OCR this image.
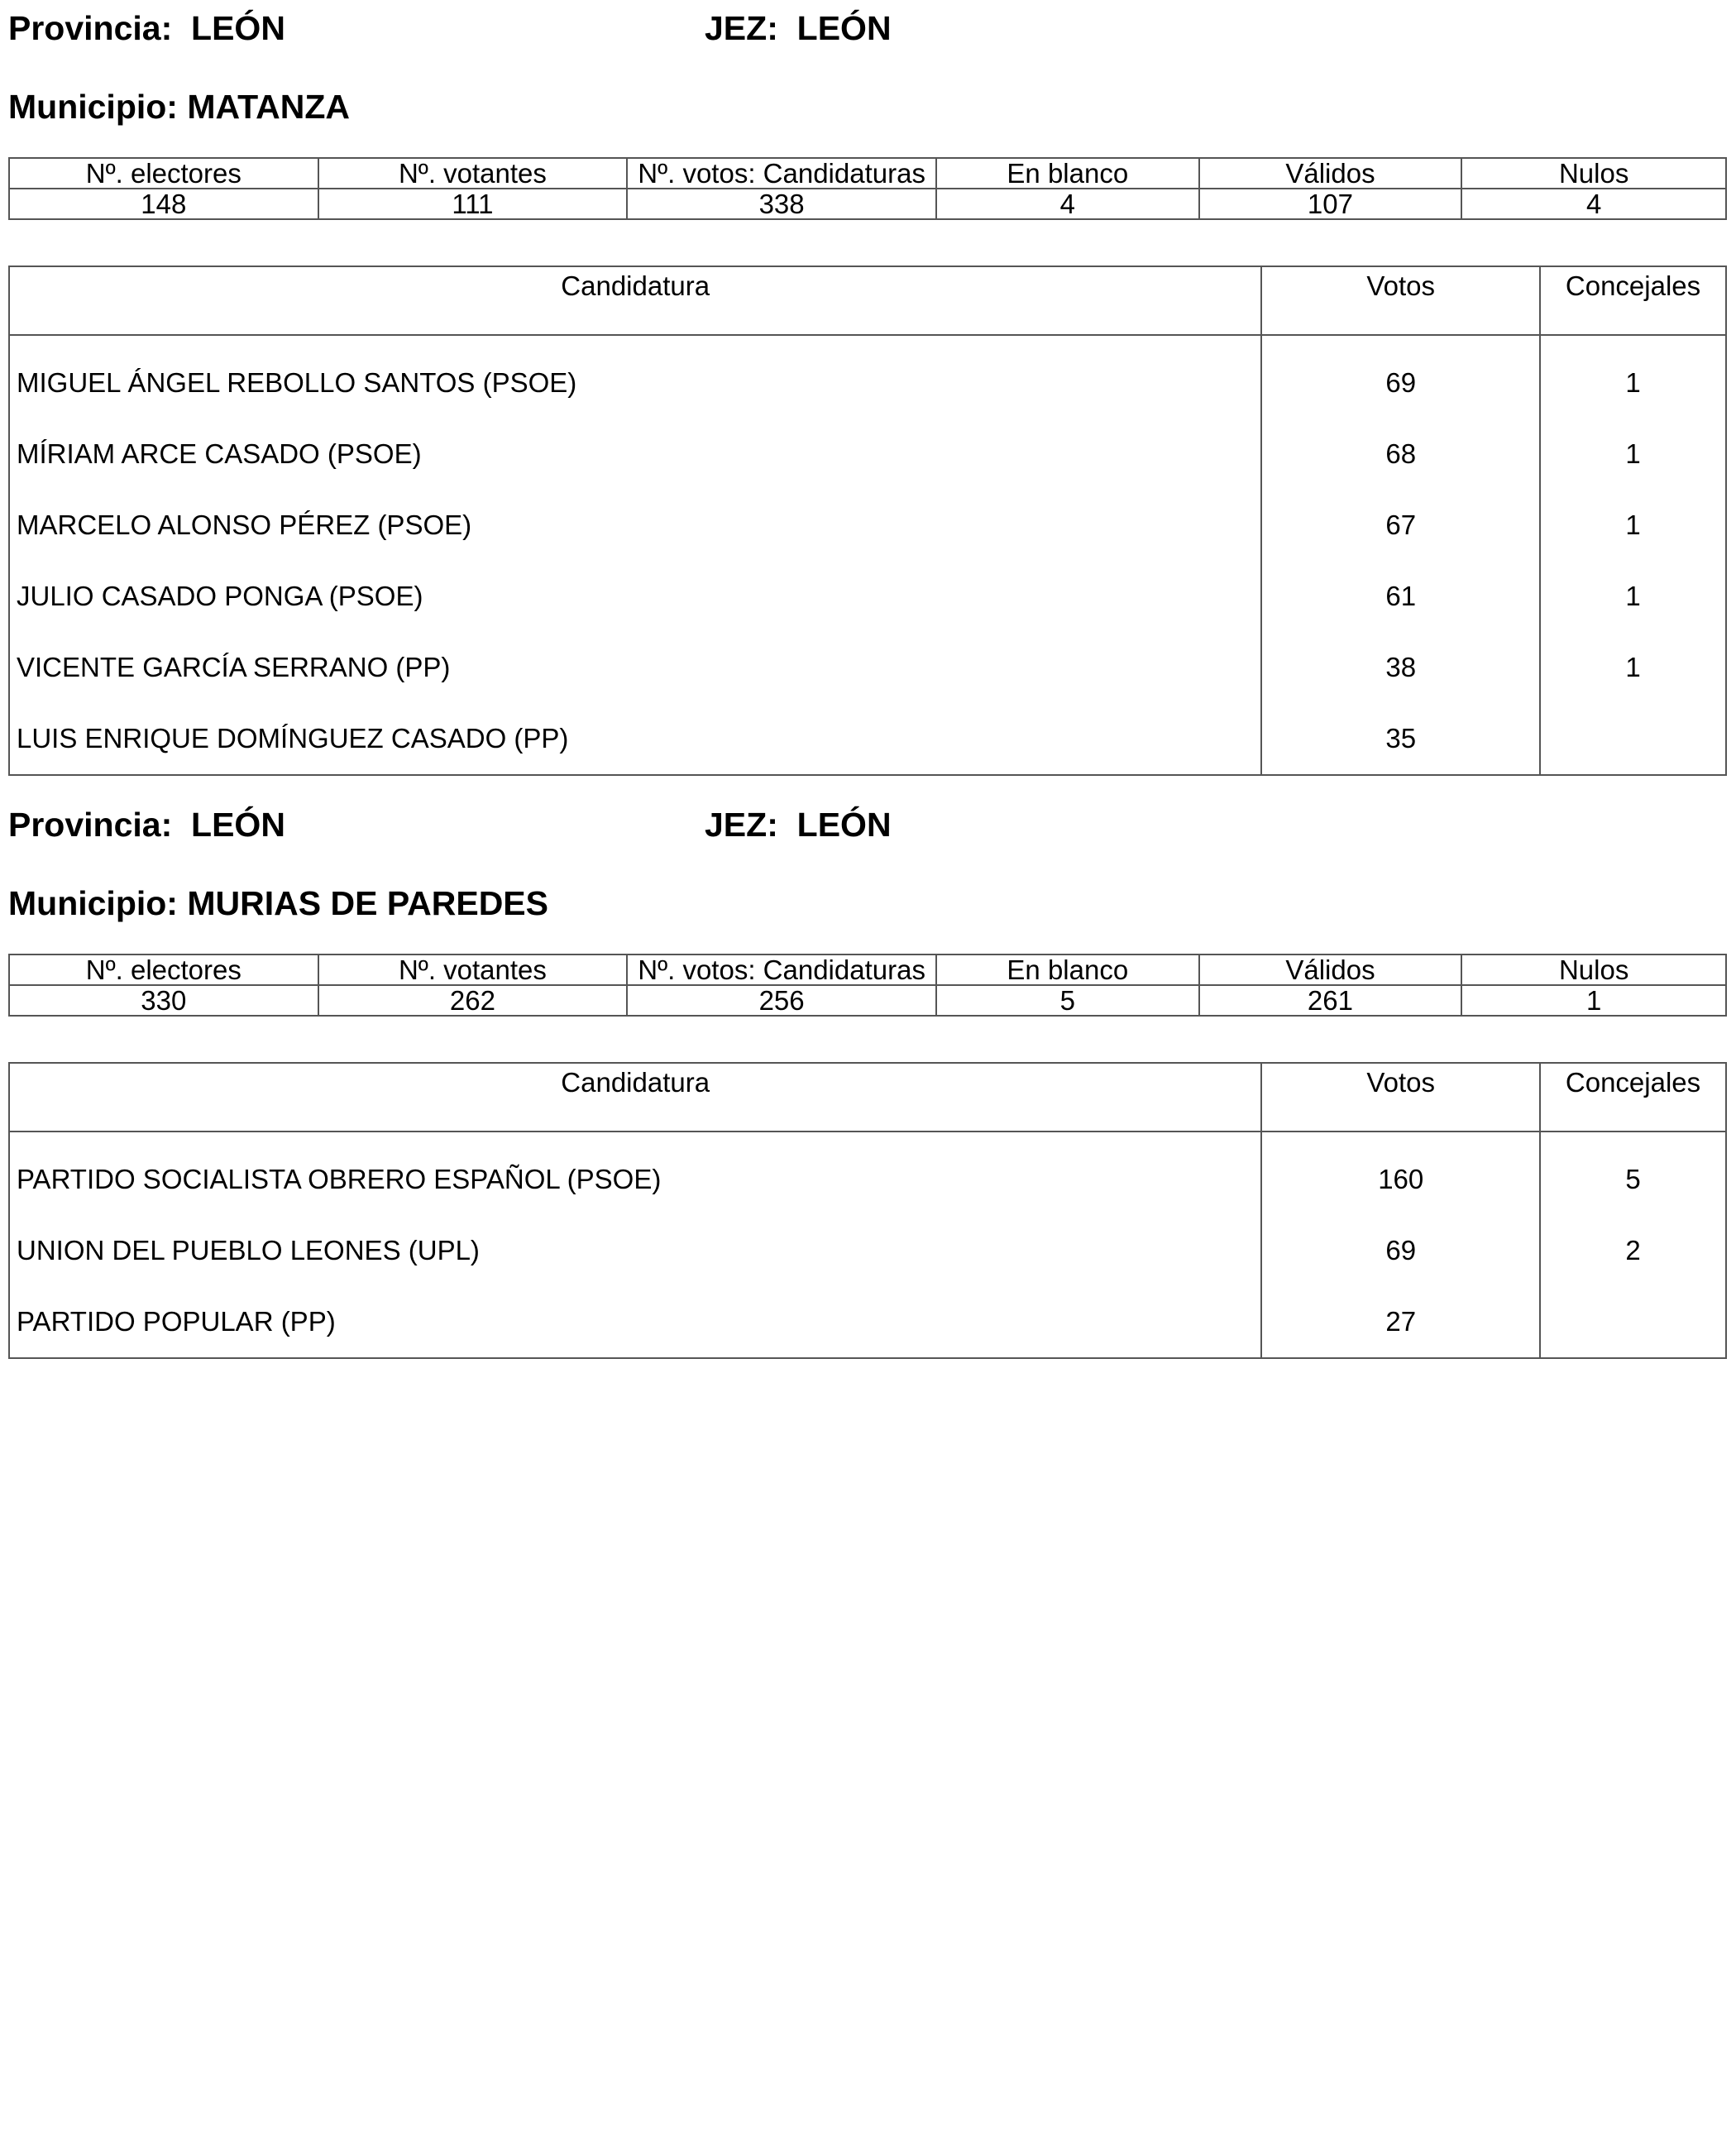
Provincia: LEÓN	JEZ: LEÓN
Municipio: MATANZA
Nº. electores	Nº. votantes	Nº. votos: Candidaturas	En blanco	Válidos	Nulos
148	111	338	4	107	4
Candidatura	Votos	Concejales
MIGUEL ÁNGEL REBOLLO SANTOS (PSOE)	69	1
MÍRIAM ARCE CASADO (PSOE)	68	1
MARCELO ALONSO PÉREZ (PSOE)	67	1
JULIO CASADO PONGA (PSOE)	61	1
VICENTE GARCÍA SERRANO (PP)	38	1
LUIS ENRIQUE DOMÍNGUEZ CASADO (PP)	35	
Provincia: LEÓN	JEZ: LEÓN
Municipio: MURIAS DE PAREDES
Nº. electores	Nº. votantes	Nº. votos: Candidaturas	En blanco	Válidos	Nulos
330	262	256	5	261	1
Candidatura	Votos	Concejales
PARTIDO SOCIALISTA OBRERO ESPAÑOL (PSOE)	160	5
UNION DEL PUEBLO LEONES (UPL)	69	2
PARTIDO POPULAR (PP)	27	
